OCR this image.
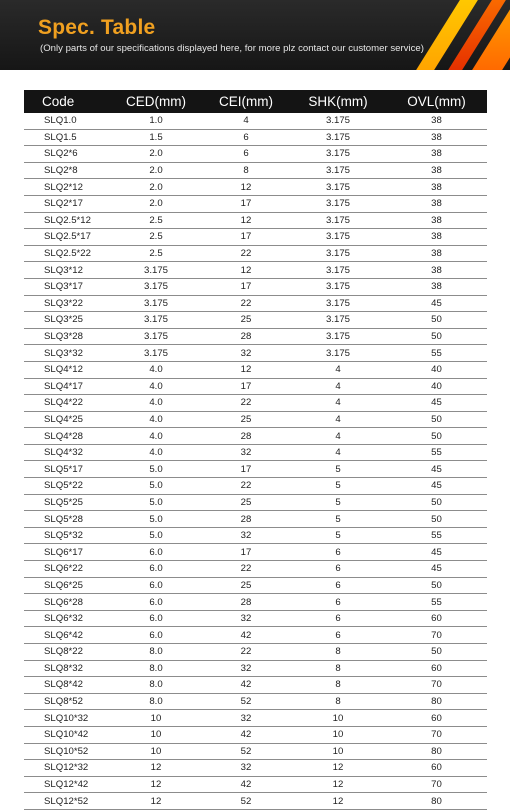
Spec. Table
(Only parts of our specifications displayed here, for more plz contact our customer service)
Code	CED(mm)	CEI(mm)	SHK(mm)	OVL(mm)
SLQ1.0	1.0	4	3.175	38
SLQ1.5	1.5	6	3.175	38
SLQ2*6	2.0	6	3.175	38
SLQ2*8	2.0	8	3.175	38
SLQ2*12	2.0	12	3.175	38
SLQ2*17	2.0	17	3.175	38
SLQ2.5*12	2.5	12	3.175	38
SLQ2.5*17	2.5	17	3.175	38
SLQ2.5*22	2.5	22	3.175	38
SLQ3*12	3.175	12	3.175	38
SLQ3*17	3.175	17	3.175	38
SLQ3*22	3.175	22	3.175	45
SLQ3*25	3.175	25	3.175	50
SLQ3*28	3.175	28	3.175	50
SLQ3*32	3.175	32	3.175	55
SLQ4*12	4.0	12	4	40
SLQ4*17	4.0	17	4	40
SLQ4*22	4.0	22	4	45
SLQ4*25	4.0	25	4	50
SLQ4*28	4.0	28	4	50
SLQ4*32	4.0	32	4	55
SLQ5*17	5.0	17	5	45
SLQ5*22	5.0	22	5	45
SLQ5*25	5.0	25	5	50
SLQ5*28	5.0	28	5	50
SLQ5*32	5.0	32	5	55
SLQ6*17	6.0	17	6	45
SLQ6*22	6.0	22	6	45
SLQ6*25	6.0	25	6	50
SLQ6*28	6.0	28	6	55
SLQ6*32	6.0	32	6	60
SLQ6*42	6.0	42	6	70
SLQ8*22	8.0	22	8	50
SLQ8*32	8.0	32	8	60
SLQ8*42	8.0	42	8	70
SLQ8*52	8.0	52	8	80
SLQ10*32	10	32	10	60
SLQ10*42	10	42	10	70
SLQ10*52	10	52	10	80
SLQ12*32	12	32	12	60
SLQ12*42	12	42	12	70
SLQ12*52	12	52	12	80
